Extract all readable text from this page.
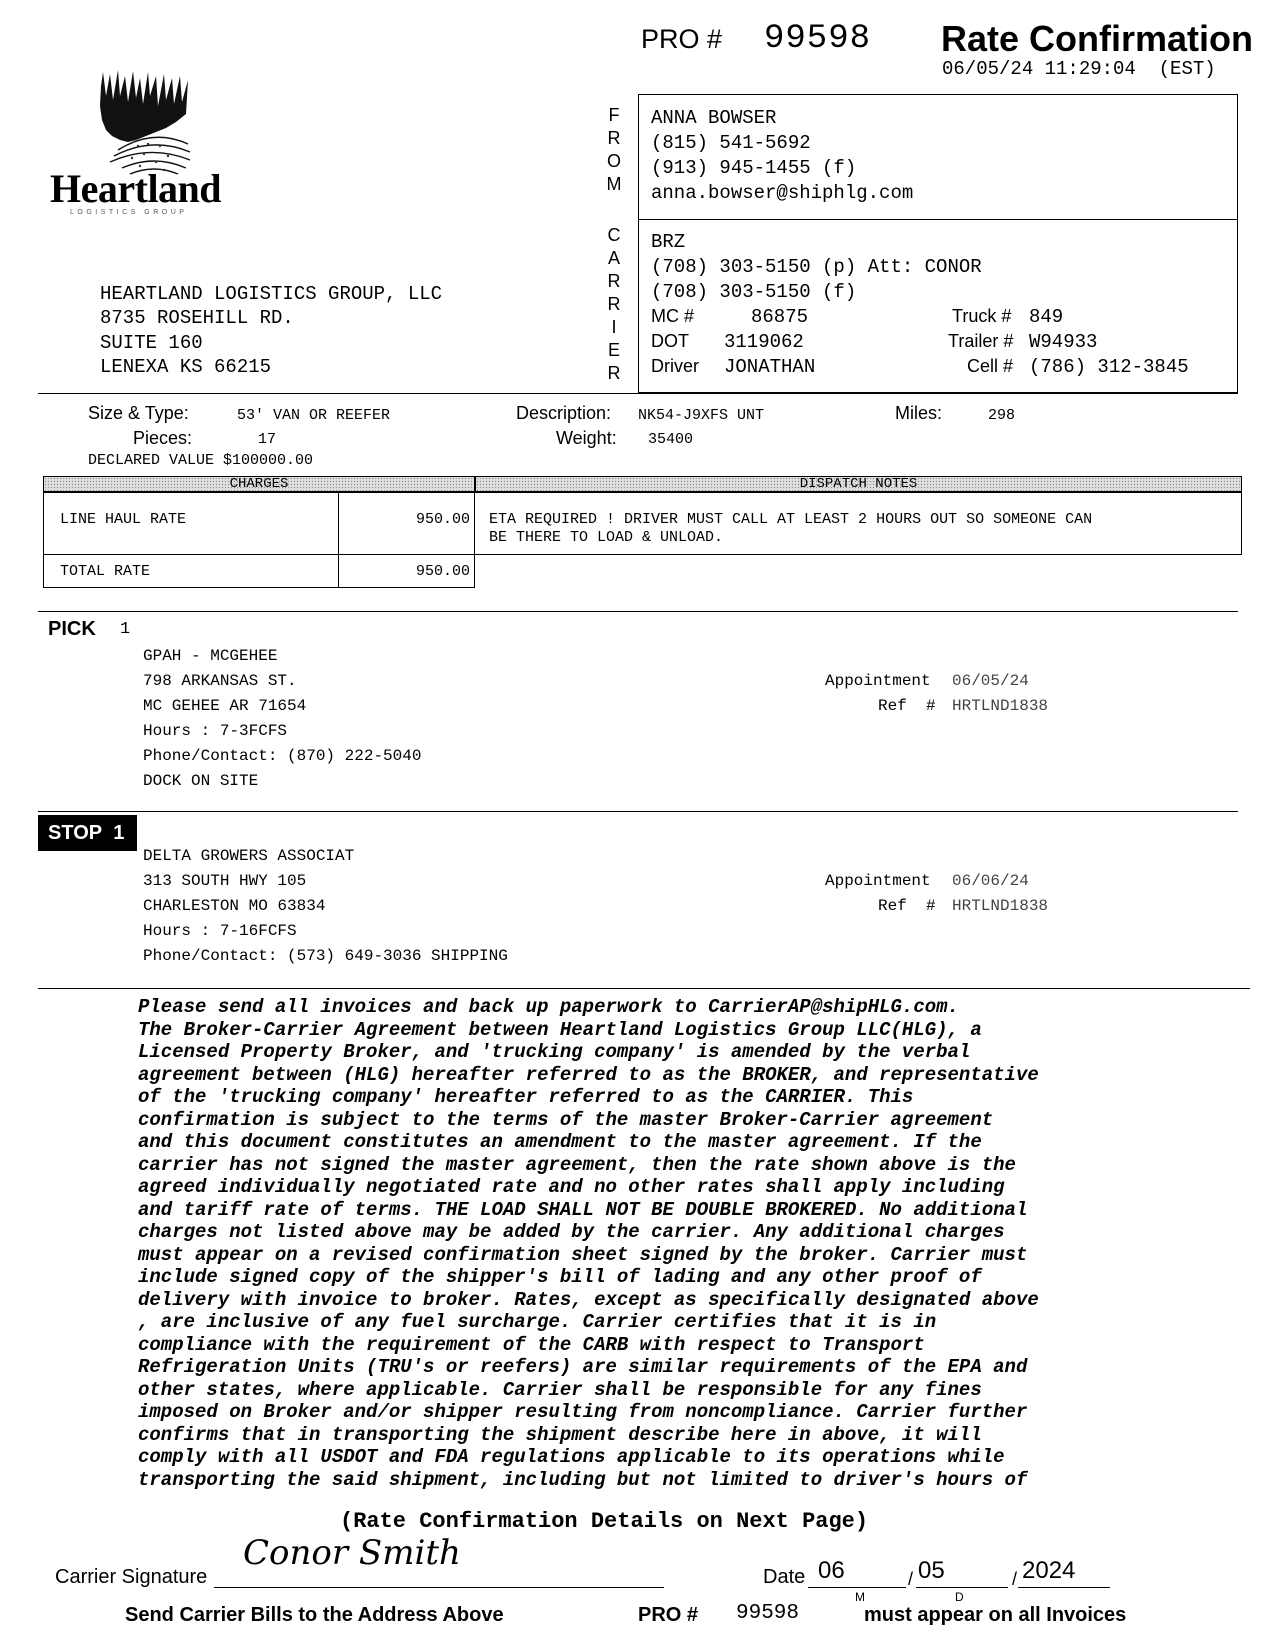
PRO # 99598 Rate Confirmation
06/05/24 11:29:04  (EST)
Heartland
LOGISTICS GROUP
HEARTLAND LOGISTICS GROUP, LLC
8735 ROSEHILL RD.
SUITE 160
LENEXA KS 66215
F
R
O
M
C
A
R
R
I
E
R
ANNA BOWSER
(815) 541-5692
(913) 945-1455 (f)
anna.bowser@shiphlg.com
BRZ
(708) 303-5150 (p) Att: CONOR
(708) 303-5150 (f)
MC #	86875	Truck # 849
DOT 3119062	Trailer # W94933
Driver JONATHAN	Cell # (786) 312-3845
Size & Type:	53' VAN OR REEFER	Description: NK54-J9XFS UNT	Miles:	298
Pieces:	17	Weight: 35400
DECLARED VALUE $100000.00
CHARGES	DISPATCH NOTES
LINE HAUL RATE	950.00 ETA REQUIRED ! DRIVER MUST CALL AT LEAST 2 HOURS OUT SO SOMEONE CAN
BE THERE TO LOAD & UNLOAD.
TOTAL RATE	950.00
PICK 1
GPAH - MCGEHEE
798 ARKANSAS ST.
MC GEHEE AR 71654
Hours : 7-3FCFS
Phone/Contact: (870) 222-5040
DOCK ON SITE
Appointment 06/05/24
Ref  # HRTLND1838
STOP 1
DELTA GROWERS ASSOCIAT
313 SOUTH HWY 105
CHARLESTON MO 63834
Hours : 7-16FCFS
Phone/Contact: (573) 649-3036 SHIPPING
Appointment 06/06/24
Ref  # HRTLND1838
Please send all invoices and back up paperwork to CarrierAP@shipHLG.com.
The Broker-Carrier Agreement between Heartland Logistics Group LLC(HLG), a
Licensed Property Broker, and 'trucking company' is amended by the verbal
agreement between (HLG) hereafter referred to as the BROKER, and representative
of the 'trucking company' hereafter referred to as the CARRIER. This
confirmation is subject to the terms of the master Broker-Carrier agreement
and this document constitutes an amendment to the master agreement. If the
carrier has not signed the master agreement, then the rate shown above is the
agreed individually negotiated rate and no other rates shall apply including
and tariff rate of terms. THE LOAD SHALL NOT BE DOUBLE BROKERED. No additional
charges not listed above may be added by the carrier. Any additional charges
must appear on a revised confirmation sheet signed by the broker. Carrier must
include signed copy of the shipper's bill of lading and any other proof of
delivery with invoice to broker. Rates, except as specifically designated above
, are inclusive of any fuel surcharge. Carrier certifies that it is in
compliance with the requirement of the CARB with respect to Transport
Refrigeration Units (TRU's or reefers) are similar requirements of the EPA and
other states, where applicable. Carrier shall be responsible for any fines
imposed on Broker and/or shipper resulting from noncompliance. Carrier further
confirms that in transporting the shipment describe here in above, it will
comply with all USDOT and FDA regulations applicable to its operations while
transporting the said shipment, including but not limited to driver's hours of
(Rate Confirmation Details on Next Page)
Carrier Signature
Conor Smith
Date 06	/ 05	/ 2024
M	D
Send Carrier Bills to the Address Above	PRO # 99598	must appear on all Invoices
